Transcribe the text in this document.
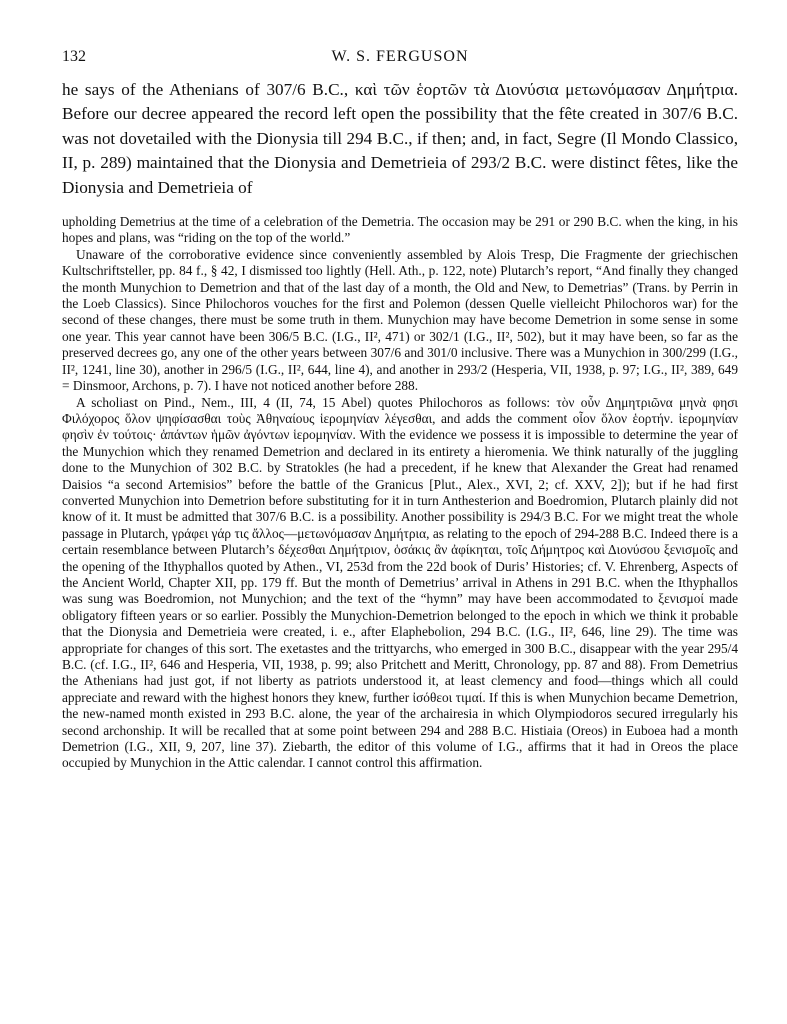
132	W. S. FERGUSON

he says of the Athenians of 307/6 B.C., καὶ τῶν ἑορτῶν τὰ Διονύσια μετωνόμασαν Δημήτρια. Before our decree appeared the record left open the possibility that the fête created in 307/6 B.C. was not dovetailed with the Dionysia till 294 B.C., if then; and, in fact, Segre (Il Mondo Classico, II, p. 289) maintained that the Dionysia and Demetrieia of 293/2 B.C. were distinct fêtes, like the Dionysia and Demetrieia of

upholding Demetrius at the time of a celebration of the Demetria. The occasion may be 291 or 290 B.C. when the king, in his hopes and plans, was “riding on the top of the world.”

Unaware of the corroborative evidence since conveniently assembled by Alois Tresp, Die Fragmente der griechischen Kultschriftsteller, pp. 84 f., § 42, I dismissed too lightly (Hell. Ath., p. 122, note) Plutarch’s report, “And finally they changed the month Munychion to Demetrion and that of the last day of a month, the Old and New, to Demetrias” (Trans. by Perrin in the Loeb Classics). Since Philochoros vouches for the first and Polemon (dessen Quelle vielleicht Philochoros war) for the second of these changes, there must be some truth in them. Munychion may have become Demetrion in some sense in some one year. This year cannot have been 306/5 B.C. (I.G., II², 471) or 302/1 (I.G., II², 502), but it may have been, so far as the preserved decrees go, any one of the other years between 307/6 and 301/0 inclusive. There was a Munychion in 300/299 (I.G., II², 1241, line 30), another in 296/5 (I.G., II², 644, line 4), and another in 293/2 (Hesperia, VII, 1938, p. 97; I.G., II², 389, 649 = Dinsmoor, Archons, p. 7). I have not noticed another before 288.

A scholiast on Pind., Nem., III, 4 (II, 74, 15 Abel) quotes Philochoros as follows: τὸν οὖν Δημητριῶνα μηνὰ φησι Φιλόχορος ὅλον ψηφίσασθαι τοὺς Ἀθηναίους ἱερομηνίαν λέγεσθαι, and adds the comment οἷον ὅλον ἑορτήν. ἱερομηνίαν φησὶν ἐν τούτοις· ἁπάντων ἡμῶν ἀγόντων ἱερομηνίαν. With the evidence we possess it is impossible to determine the year of the Munychion which they renamed Demetrion and declared in its entirety a hieromenia. We think naturally of the juggling done to the Munychion of 302 B.C. by Stratokles (he had a precedent, if he knew that Alexander the Great had renamed Daisios “a second Artemisios” before the battle of the Granicus [Plut., Alex., XVI, 2; cf. XXV, 2]); but if he had first converted Munychion into Demetrion before substituting for it in turn Anthesterion and Boedromion, Plutarch plainly did not know of it. It must be admitted that 307/6 B.C. is a possibility. Another possibility is 294/3 B.C. For we might treat the whole passage in Plutarch, γράφει γάρ τις ἄλλος—μετωνόμασαν Δημήτρια, as relating to the epoch of 294-288 B.C. Indeed there is a certain resemblance between Plutarch’s δέχεσθαι Δημήτριον, ὁσάκις ἂν ἀφίκηται, τοῖς Δήμητρος καὶ Διονύσου ξενισμοῖς and the opening of the Ithyphallos quoted by Athen., VI, 253d from the 22d book of Duris’ Histories; cf. V. Ehrenberg, Aspects of the Ancient World, Chapter XII, pp. 179 ff. But the month of Demetrius’ arrival in Athens in 291 B.C. when the Ithyphallos was sung was Boedromion, not Munychion; and the text of the “hymn” may have been accommodated to ξενισμοί made obligatory fifteen years or so earlier. Possibly the Munychion-Demetrion belonged to the epoch in which we think it probable that the Dionysia and Demetrieia were created, i. e., after Elaphebolion, 294 B.C. (I.G., II², 646, line 29). The time was appropriate for changes of this sort. The exetastes and the trittyarchs, who emerged in 300 B.C., disappear with the year 295/4 B.C. (cf. I.G., II², 646 and Hesperia, VII, 1938, p. 99; also Pritchett and Meritt, Chronology, pp. 87 and 88). From Demetrius the Athenians had just got, if not liberty as patriots understood it, at least clemency and food—things which all could appreciate and reward with the highest honors they knew, further ἰσόθεοι τιμαί. If this is when Munychion became Demetrion, the new-named month existed in 293 B.C. alone, the year of the archairesia in which Olympiodoros secured irregularly his second archonship. It will be recalled that at some point between 294 and 288 B.C. Histiaia (Oreos) in Euboea had a month Demetrion (I.G., XII, 9, 207, line 37). Ziebarth, the editor of this volume of I.G., affirms that it had in Oreos the place occupied by Munychion in the Attic calendar. I cannot control this affirmation.
